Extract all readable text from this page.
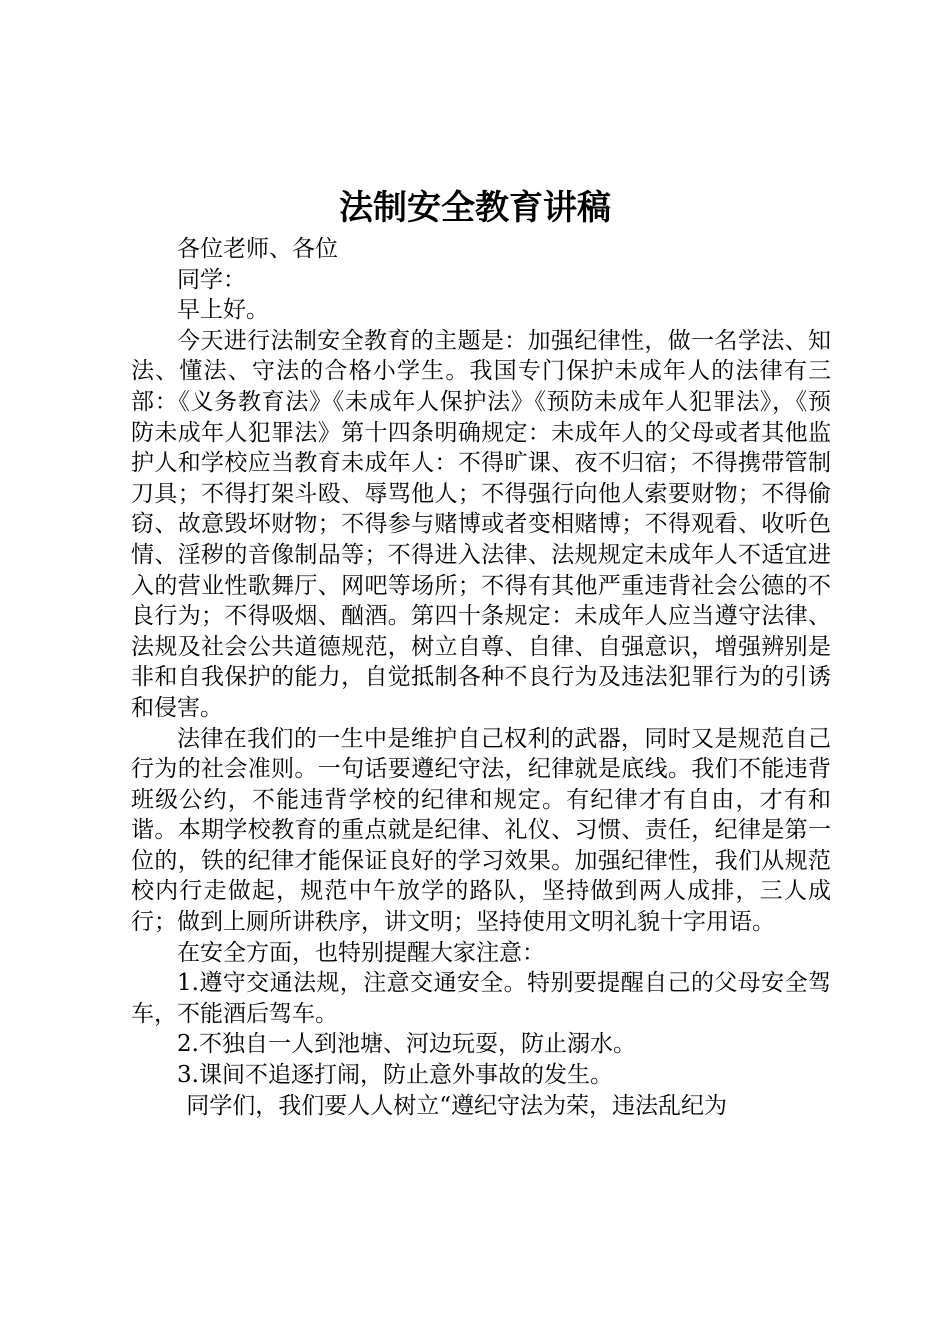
法制安全教育讲稿

各位老师、各位

同学：

早上好。

今天进行法制安全教育的主题是：加强纪律性，做一名学法、知法、懂法、守法的合格小学生。我国专门保护未成年人的法律有三部：《义务教育法》《未成年人保护法》《预防未成年人犯罪法》，《预防未成年人犯罪法》第十四条明确规定：未成年人的父母或者其他监护人和学校应当教育未成年人：不得旷课、夜不归宿；不得携带管制刀具；不得打架斗殴、辱骂他人；不得强行向他人索要财物；不得偷窃、故意毁坏财物；不得参与赌博或者变相赌博；不得观看、收听色情、淫秽的音像制品等；不得进入法律、法规规定未成年人不适宜进入的营业性歌舞厅、网吧等场所；不得有其他严重违背社会公德的不良行为；不得吸烟、酗酒。第四十条规定：未成年人应当遵守法律、法规及社会公共道德规范，树立自尊、自律、自强意识，增强辨别是非和自我保护的能力，自觉抵制各种不良行为及违法犯罪行为的引诱和侵害。

法律在我们的一生中是维护自己权利的武器，同时又是规范自己行为的社会准则。一句话要遵纪守法，纪律就是底线。我们不能违背班级公约，不能违背学校的纪律和规定。有纪律才有自由，才有和谐。本期学校教育的重点就是纪律、礼仪、习惯、责任，纪律是第一位的，铁的纪律才能保证良好的学习效果。加强纪律性，我们从规范校内行走做起，规范中午放学的路队，坚持做到两人成排，三人成行；做到上厕所讲秩序，讲文明；坚持使用文明礼貌十字用语。

在安全方面，也特别提醒大家注意：

1.遵守交通法规，注意交通安全。特别要提醒自己的父母安全驾车，不能酒后驾车。

2.不独自一人到池塘、河边玩耍，防止溺水。

3.课间不追逐打闹，防止意外事故的发生。

同学们，我们要人人树立“遵纪守法为荣，违法乱纪为
